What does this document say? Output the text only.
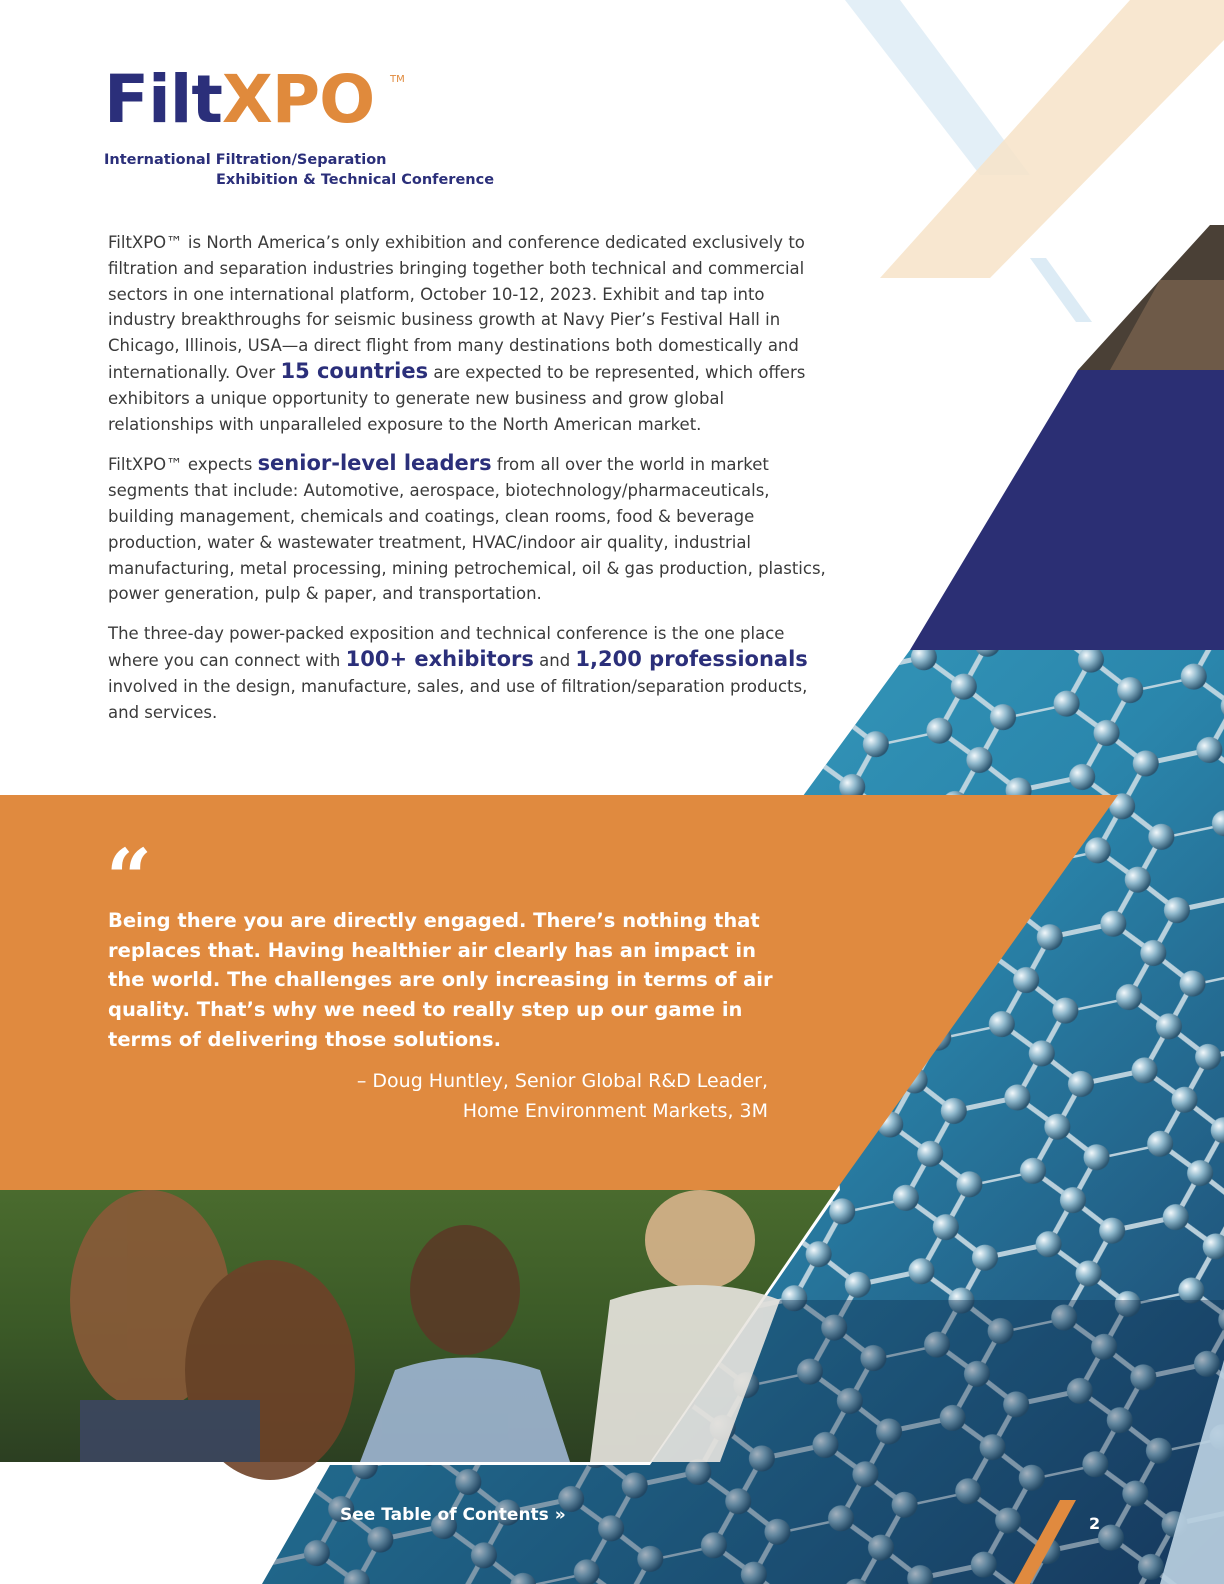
FiltXPO TM
International Filtration/Separation
Exhibition & Technical Conference

FiltXPO™ is North America’s only exhibition and conference dedicated exclusively to filtration and separation industries bringing together both technical and commercial sectors in one international platform, October 10-12, 2023. Exhibit and tap into industry breakthroughs for seismic business growth at Navy Pier’s Festival Hall in Chicago, Illinois, USA—a direct flight from many destinations both domestically and internationally. Over 15 countries are expected to be represented, which offers exhibitors a unique opportunity to generate new business and grow global relationships with unparalleled exposure to the North American market.

FiltXPO™ expects senior-level leaders from all over the world in market segments that include: Automotive, aerospace, biotechnology/pharmaceuticals, building management, chemicals and coatings, clean rooms, food & beverage production, water & wastewater treatment, HVAC/indoor air quality, industrial manufacturing, metal processing, mining petrochemical, oil & gas production, plastics, power generation, pulp & paper, and transportation.

The three-day power-packed exposition and technical conference is the one place where you can connect with 100+ exhibitors and 1,200 professionals involved in the design, manufacture, sales, and use of filtration/separation products, and services.

“
Being there you are directly engaged. There’s nothing that replaces that. Having healthier air clearly has an impact in the world. The challenges are only increasing in terms of air quality. That’s why we need to really step up our game in terms of delivering those solutions.
– Doug Huntley, Senior Global R&D Leader,
Home Environment Markets, 3M
See Table of Contents »	2
